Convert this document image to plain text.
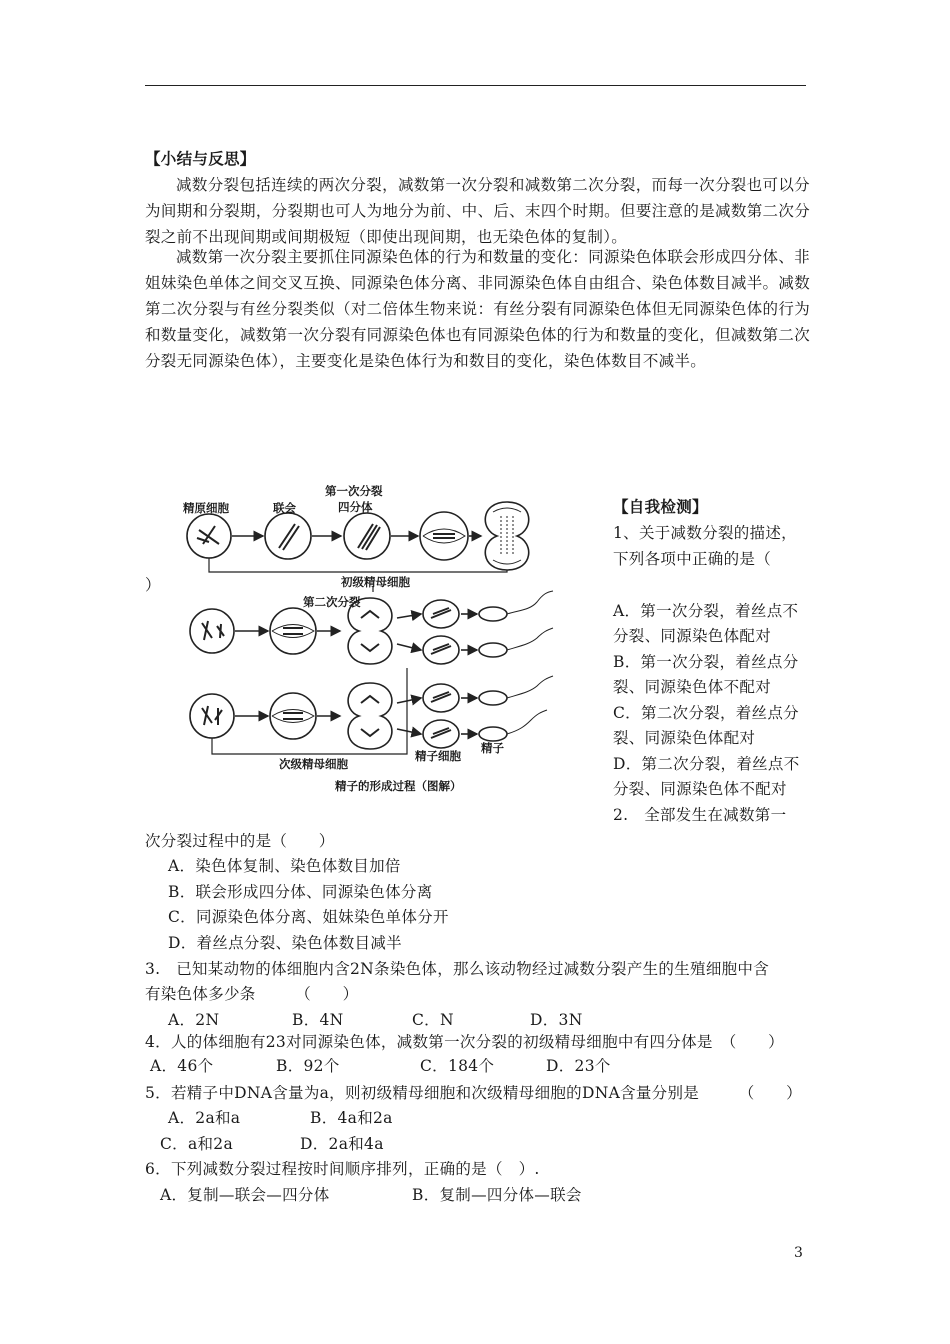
【小结与反思】
减数分裂包括连续的两次分裂，减数第一次分裂和减数第二次分裂，而每一次分裂也可以分为间期和分裂期，分裂期也可人为地分为前、中、后、末四个时期。但要注意的是减数第二次分裂之前不出现间期或间期极短（即使出现间期，也无染色体的复制）。
减数第一次分裂主要抓住同源染色体的行为和数量的变化：同源染色体联会形成四分体、非姐妹染色单体之间交叉互换、同源染色体分离、非同源染色体自由组合、染色体数目减半。减数第二次分裂与有丝分裂类似（对二倍体生物来说：有丝分裂有同源染色体但无同源染色体的行为和数量变化，减数第一次分裂有同源染色体也有同源染色体的行为和数量的变化，但减数第二次分裂无同源染色体），主要变化是染色体行为和数目的变化，染色体数目不减半。
精原细胞	联会
第一次分裂
四分体
初级精母细胞
第二次分裂
次级精母细胞
精子细胞
精子
精子的形成过程（图解）
【自我检测】
1、关于减数分裂的描述，
下列各项中正确的是（
）
A．第一次分裂，着丝点不
分裂、同源染色体配对
B．第一次分裂，着丝点分
裂、同源染色体不配对
C．第二次分裂，着丝点分
裂、同源染色体配对
D．第二次分裂，着丝点不
分裂、同源染色体不配对
2.　全部发生在减数第一
次分裂过程中的是（　　）
A．染色体复制、染色体数目加倍
B．联会形成四分体、同源染色体分离
C．同源染色体分离、姐妹染色单体分开
D．着丝点分裂、染色体数目减半
3.　已知某动物的体细胞内含2N条染色体，那么该动物经过减数分裂产生的生殖细胞中含
有染色体多少条　　　（　　）
A．2N	B．4N	C．N	D．3N
4．人的体细胞有23对同源染色体，减数第一次分裂的初级精母细胞中有四分体是　（　　）
A．46个	B．92个	C．184个	D．23个
5．若精子中DNA含量为a，则初级精母细胞和次级精母细胞的DNA含量分别是　　　（　　）
A．2a和a	B．4a和2a
C．a和2a	D．2a和4a
6．下列减数分裂过程按时间顺序排列，正确的是（　）.
A．复制—联会—四分体	B．复制—四分体—联会
3
